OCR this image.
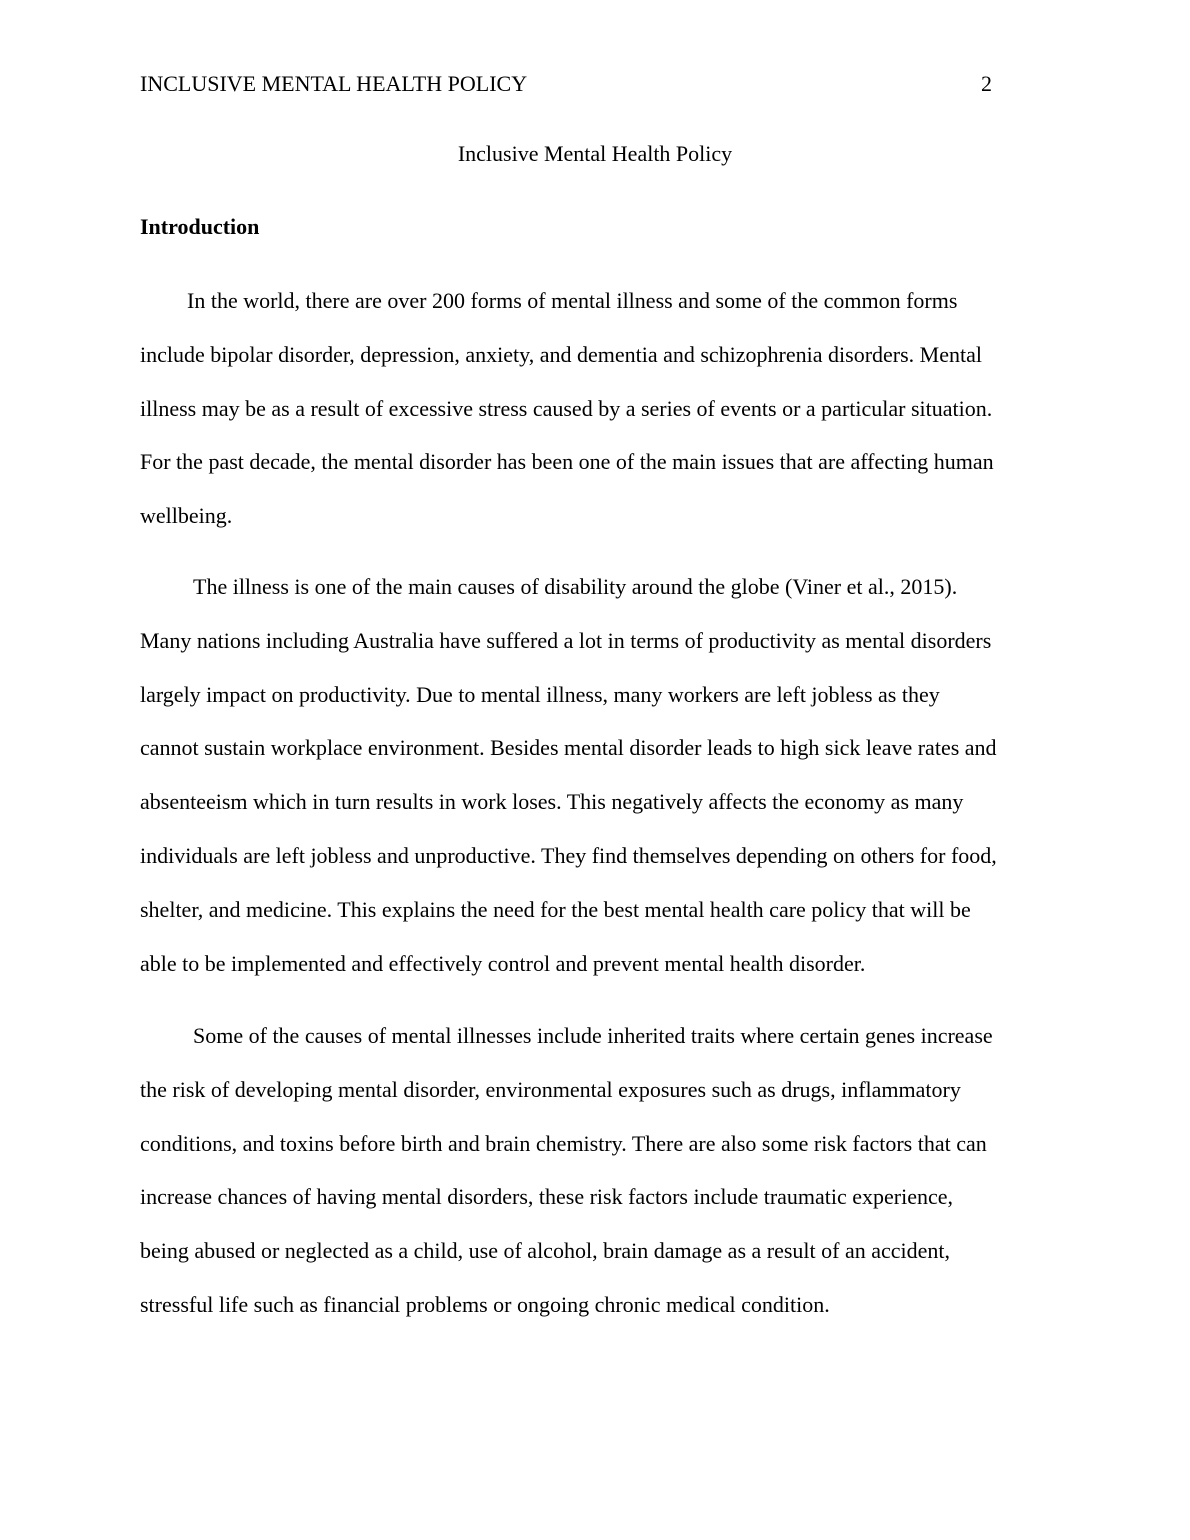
INCLUSIVE MENTAL HEALTH POLICY	2
Inclusive Mental Health Policy
Introduction
In the world, there are over 200 forms of mental illness and some of the common forms
include bipolar disorder, depression, anxiety, and dementia and schizophrenia disorders. Mental
illness may be as a result of excessive stress caused by a series of events or a particular situation.
For the past decade, the mental disorder has been one of the main issues that are affecting human
wellbeing.
The illness is one of the main causes of disability around the globe (Viner et al., 2015).
Many nations including Australia have suffered a lot in terms of productivity as mental disorders
largely impact on productivity. Due to mental illness, many workers are left jobless as they
cannot sustain workplace environment. Besides mental disorder leads to high sick leave rates and
absenteeism which in turn results in work loses. This negatively affects the economy as many
individuals are left jobless and unproductive. They find themselves depending on others for food,
shelter, and medicine. This explains the need for the best mental health care policy that will be
able to be implemented and effectively control and prevent mental health disorder.
Some of the causes of mental illnesses include inherited traits where certain genes increase
the risk of developing mental disorder, environmental exposures such as drugs, inflammatory
conditions, and toxins before birth and brain chemistry. There are also some risk factors that can
increase chances of having mental disorders, these risk factors include traumatic experience,
being abused or neglected as a child, use of alcohol, brain damage as a result of an accident,
stressful life such as financial problems or ongoing chronic medical condition.
